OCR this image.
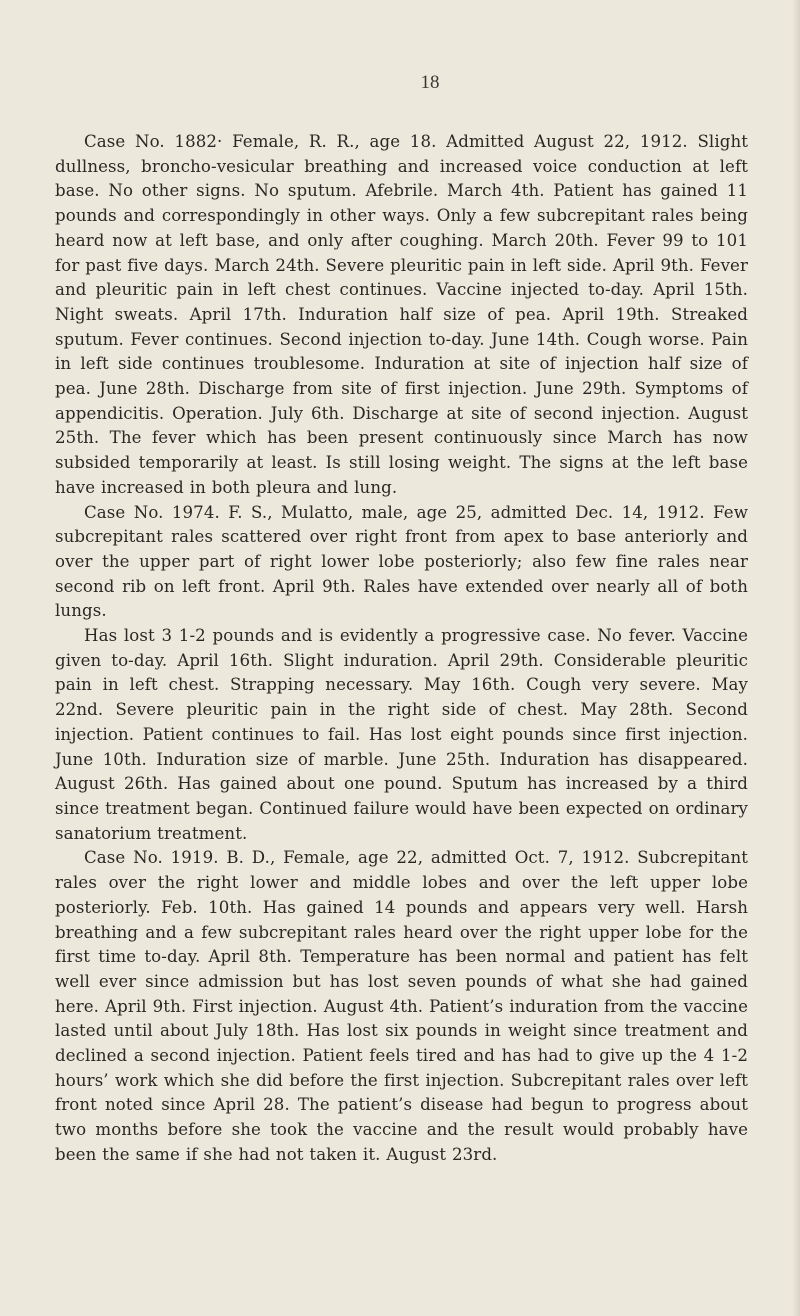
18

Case No. 1882· Female, R. R., age 18. Admitted August 22, 1912. Slight dullness, broncho-vesicular breathing and increased voice conduction at left base. No other signs. No sputum. Afebrile. March 4th. Patient has gained 11 pounds and correspondingly in other ways. Only a few subcrepitant rales being heard now at left base, and only after coughing. March 20th. Fever 99 to 101 for past five days. March 24th. Severe pleuritic pain in left side. April 9th. Fever and pleuritic pain in left chest continues. Vaccine injected to-day. April 15th. Night sweats. April 17th. Induration half size of pea. April 19th. Streaked sputum. Fever continues. Second injection to-day. June 14th. Cough worse. Pain in left side continues troublesome. Induration at site of injection half size of pea. June 28th. Discharge from site of first injection. June 29th. Symptoms of appendicitis. Operation. July 6th. Discharge at site of second injection. August 25th. The fever which has been present continuously since March has now subsided temporarily at least. Is still losing weight. The signs at the left base have increased in both pleura and lung.

Case No. 1974. F. S., Mulatto, male, age 25, admitted Dec. 14, 1912. Few subcrepitant rales scattered over right front from apex to base anteriorly and over the upper part of right lower lobe posteriorly; also few fine rales near second rib on left front. April 9th. Rales have extended over nearly all of both lungs.

Has lost 3 1-2 pounds and is evidently a progressive case. No fever. Vaccine given to-day. April 16th. Slight induration. April 29th. Considerable pleuritic pain in left chest. Strapping necessary. May 16th. Cough very severe. May 22nd. Severe pleuritic pain in the right side of chest. May 28th. Second injection. Patient continues to fail. Has lost eight pounds since first injection. June 10th. Induration size of marble. June 25th. Induration has disappeared. August 26th. Has gained about one pound. Sputum has increased by a third since treatment began. Continued failure would have been expected on ordinary sanatorium treatment.

Case No. 1919. B. D., Female, age 22, admitted Oct. 7, 1912. Subcrepitant rales over the right lower and middle lobes and over the left upper lobe posteriorly. Feb. 10th. Has gained 14 pounds and appears very well. Harsh breathing and a few subcrepitant rales heard over the right upper lobe for the first time to-day. April 8th. Temperature has been normal and patient has felt well ever since admission but has lost seven pounds of what she had gained here. April 9th. First injection. August 4th. Patient’s induration from the vaccine lasted until about July 18th. Has lost six pounds in weight since treatment and declined a second injection. Patient feels tired and has had to give up the 4 1-2 hours’ work which she did before the first injection. Subcrepitant rales over left front noted since April 28. The patient’s disease had begun to progress about two months before she took the vaccine and the result would probably have been the same if she had not taken it. August 23rd.
